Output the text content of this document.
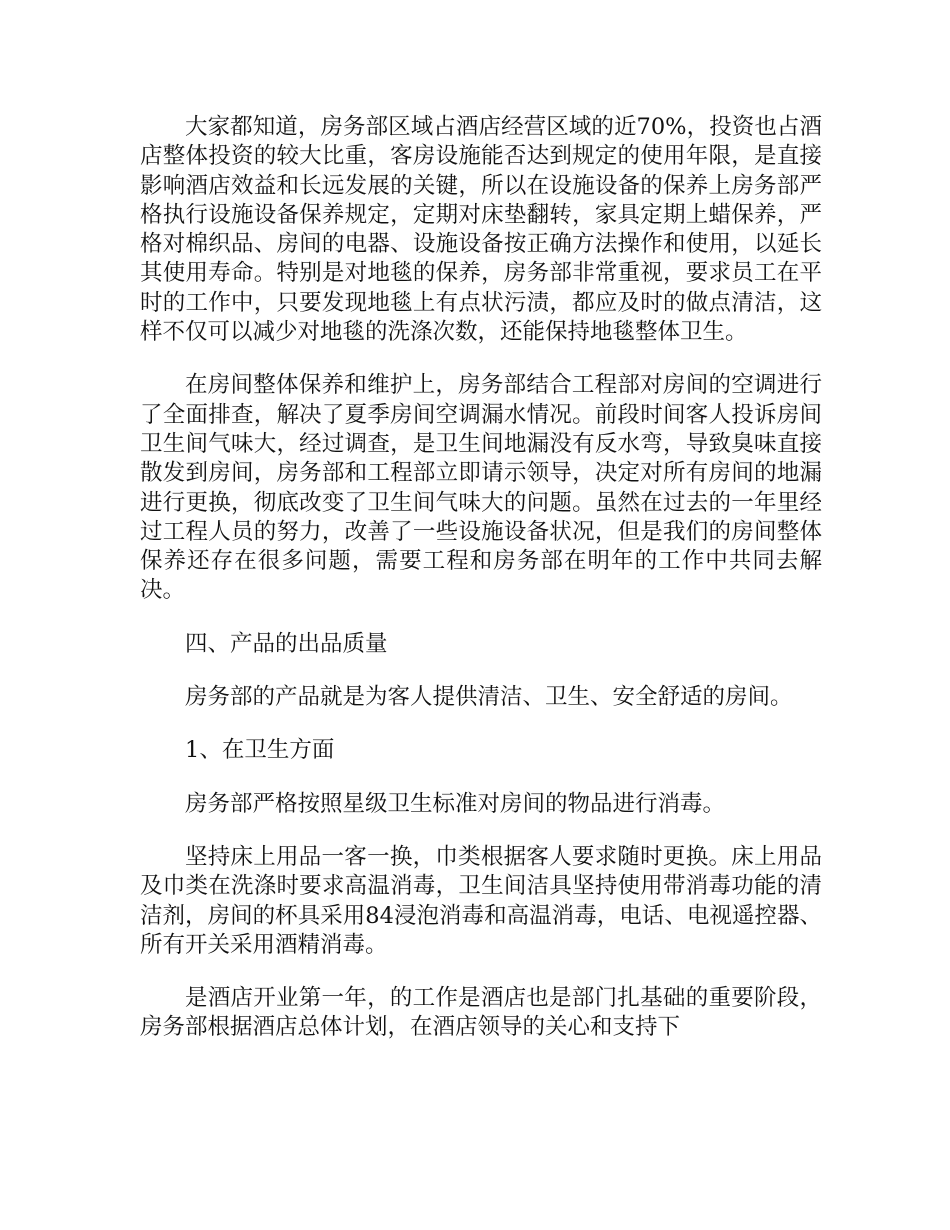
大家都知道，房务部区域占酒店经营区域的近70%，投资也占酒店整体投资的较大比重，客房设施能否达到规定的使用年限，是直接影响酒店效益和长远发展的关键，所以在设施设备的保养上房务部严格执行设施设备保养规定，定期对床垫翻转，家具定期上蜡保养，严格对棉织品、房间的电器、设施设备按正确方法操作和使用，以延长其使用寿命。特别是对地毯的保养，房务部非常重视，要求员工在平时的工作中，只要发现地毯上有点状污渍，都应及时的做点清洁，这样不仅可以减少对地毯的洗涤次数，还能保持地毯整体卫生。

在房间整体保养和维护上，房务部结合工程部对房间的空调进行了全面排查，解决了夏季房间空调漏水情况。前段时间客人投诉房间卫生间气味大，经过调查，是卫生间地漏没有反水弯，导致臭味直接散发到房间，房务部和工程部立即请示领导，决定对所有房间的地漏进行更换，彻底改变了卫生间气味大的问题。虽然在过去的一年里经过工程人员的努力，改善了一些设施设备状况，但是我们的房间整体保养还存在很多问题，需要工程和房务部在明年的工作中共同去解决。

四、产品的出品质量

房务部的产品就是为客人提供清洁、卫生、安全舒适的房间。

1、在卫生方面

房务部严格按照星级卫生标准对房间的物品进行消毒。

坚持床上用品一客一换，巾类根据客人要求随时更换。床上用品及巾类在洗涤时要求高温消毒，卫生间洁具坚持使用带消毒功能的清洁剂，房间的杯具采用84浸泡消毒和高温消毒，电话、电视遥控器、所有开关采用酒精消毒。

是酒店开业第一年，的工作是酒店也是部门扎基础的重要阶段，房务部根据酒店总体计划，在酒店领导的关心和支持下
